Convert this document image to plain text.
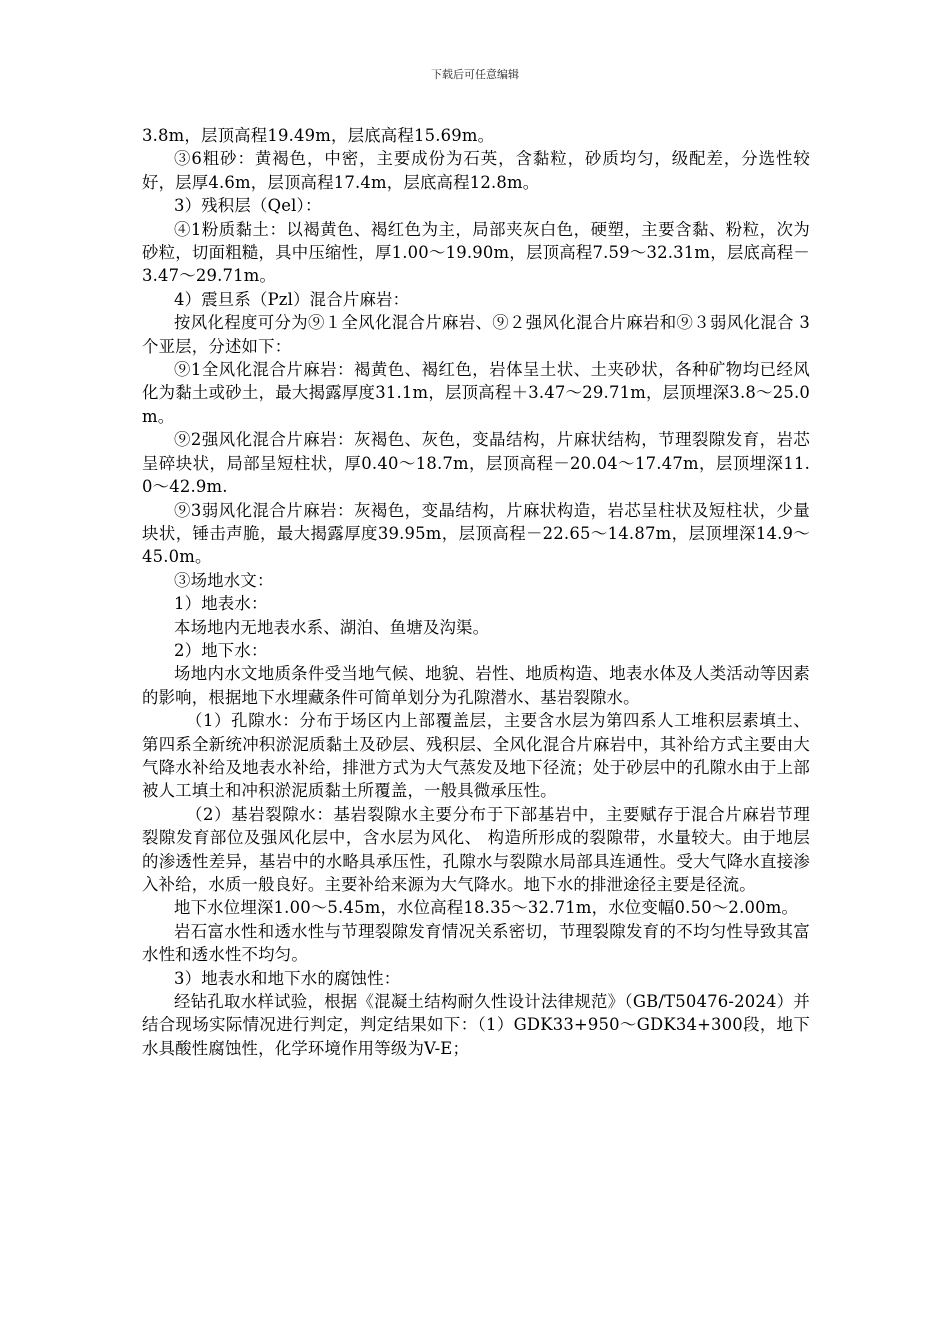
下载后可任意编辑

3.8m，层顶高程19.49m，层底高程15.69m。

③6粗砂：黄褐色，中密，主要成份为石英，含黏粒，砂质均匀，级配差，分选性较好，层厚4.6m，层顶高程17.4m，层底高程12.8m。

3）残积层（Qel）：

④1粉质黏土：以褐黄色、褐红色为主，局部夹灰白色，硬塑，主要含黏、粉粒，次为砂粒，切面粗糙，具中压缩性，厚1.00～19.90m，层顶高程7.59～32.31m，层底高程－3.47～29.71m。

4）震旦系（Pzl）混合片麻岩：

按风化程度可分为⑨１全风化混合片麻岩、⑨２强风化混合片麻岩和⑨３弱风化混合 3个亚层，分述如下：

⑨1全风化混合片麻岩：褐黄色、褐红色，岩体呈土状、土夹砂状，各种矿物均已经风化为黏土或砂土，最大揭露厚度31.1m，层顶高程＋3.47～29.71m，层顶埋深3.8～25.0m。

⑨2强风化混合片麻岩：灰褐色、灰色，变晶结构，片麻状结构，节理裂隙发育，岩芯呈碎块状，局部呈短柱状，厚0.40～18.7m，层顶高程－20.04～17.47m，层顶埋深11.0～42.9m.

⑨3弱风化混合片麻岩：灰褐色，变晶结构，片麻状构造，岩芯呈柱状及短柱状，少量块状，锤击声脆，最大揭露厚度39.95m，层顶高程－22.65～14.87m，层顶埋深14.9～45.0m。

③场地水文：

1）地表水：

本场地内无地表水系、湖泊、鱼塘及沟渠。

2）地下水：

场地内水文地质条件受当地气候、地貌、岩性、地质构造、地表水体及人类活动等因素的影响，根据地下水埋藏条件可简单划分为孔隙潜水、基岩裂隙水。

（1）孔隙水：分布于场区内上部覆盖层，主要含水层为第四系人工堆积层素填土、第四系全新统冲积淤泥质黏土及砂层、残积层、全风化混合片麻岩中，其补给方式主要由大气降水补给及地表水补给，排泄方式为大气蒸发及地下径流；处于砂层中的孔隙水由于上部被人工填土和冲积淤泥质黏土所覆盖，一般具微承压性。

（2）基岩裂隙水：基岩裂隙水主要分布于下部基岩中，主要赋存于混合片麻岩节理裂隙发育部位及强风化层中，含水层为风化、 构造所形成的裂隙带，水量较大。由于地层的渗透性差异，基岩中的水略具承压性，孔隙水与裂隙水局部具连通性。受大气降水直接渗入补给，水质一般良好。主要补给来源为大气降水。地下水的排泄途径主要是径流。

地下水位埋深1.00～5.45m，水位高程18.35～32.71m，水位变幅0.50～2.00m。

岩石富水性和透水性与节理裂隙发育情况关系密切，节理裂隙发育的不均匀性导致其富水性和透水性不均匀。

3）地表水和地下水的腐蚀性：

经钻孔取水样试验，根据《混凝土结构耐久性设计法律规范》（GB/T50476-2024）并结合现场实际情况进行判定，判定结果如下：（1）GDK33+950～GDK34+300段，地下水具酸性腐蚀性，化学环境作用等级为V-E；
